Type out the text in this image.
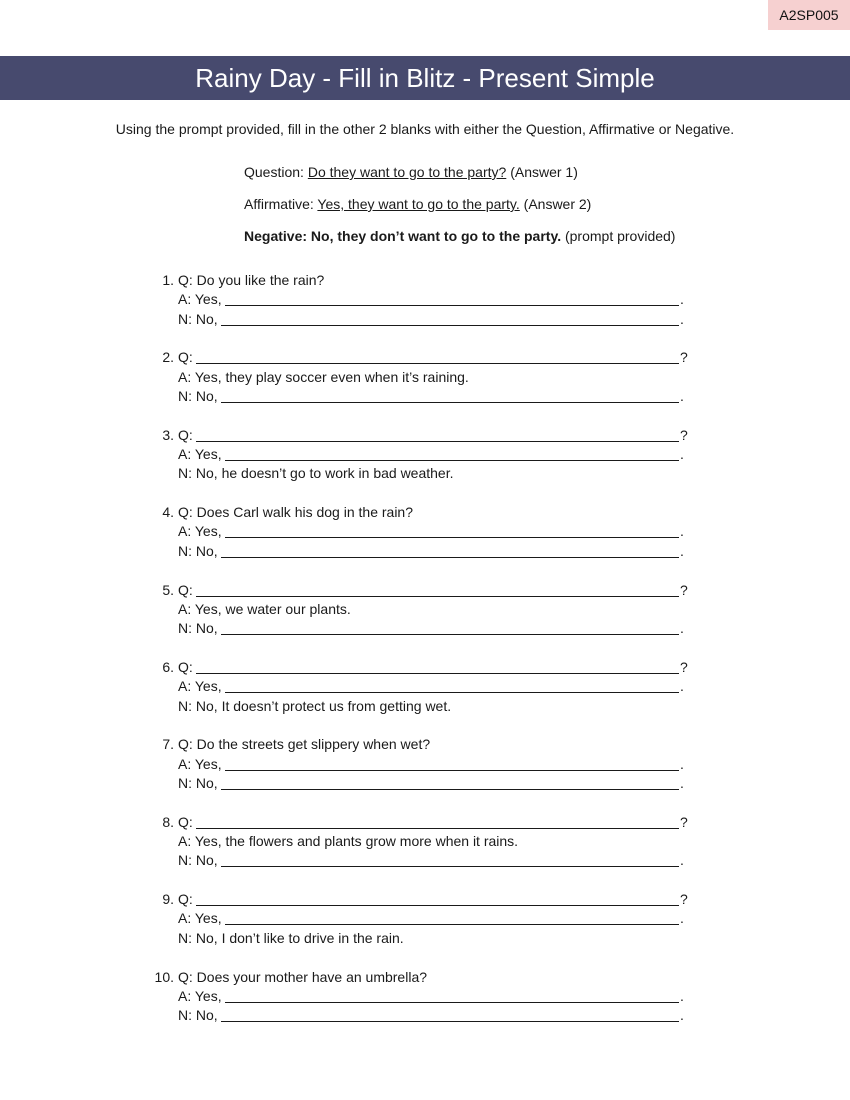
A2SP005
Rainy Day - Fill in Blitz - Present Simple
Using the prompt provided, fill in the other 2 blanks with either the Question, Affirmative or Negative.
Question: Do they want to go to the party? (Answer 1)
Affirmative: Yes, they want to go to the party. (Answer 2)
Negative: No, they don’t want to go to the party. (prompt provided)
1. Q: Do you like the rain?
A: Yes,	.
N: No,	.
2. Q:	?
A: Yes, they play soccer even when it’s raining.
N: No,	.
3. Q:	?
A: Yes,	.
N: No, he doesn’t go to work in bad weather.
4. Q: Does Carl walk his dog in the rain?
A: Yes,	.
N: No,	.
5. Q:	?
A: Yes, we water our plants.
N: No,	.
6. Q:	?
A: Yes,	.
N: No, It doesn’t protect us from getting wet.
7. Q: Do the streets get slippery when wet?
A: Yes,	.
N: No,	.
8. Q:	?
A: Yes, the flowers and plants grow more when it rains.
N: No,	.
9. Q:	?
A: Yes,	.
N: No, I don’t like to drive in the rain.
10. Q: Does your mother have an umbrella?
A: Yes,	.
N: No,	.
